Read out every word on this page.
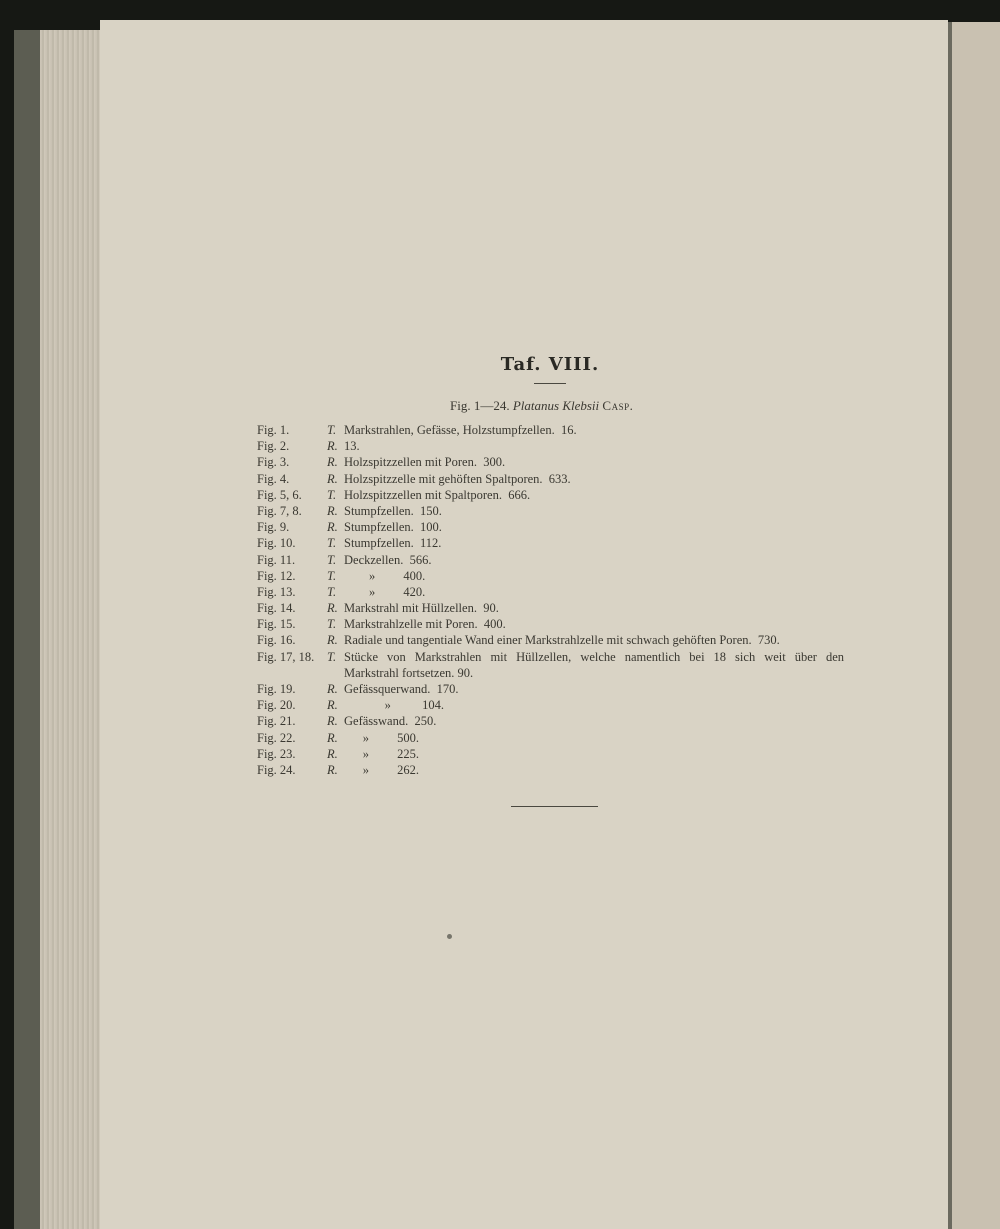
Taf. VIII.
Fig. 1—24. Platanus Klebsii Casp.
Fig. 1.	T. Markstrahlen, Gefässe, Holzstumpfzellen.  16.
Fig. 2.	R. 13.
Fig. 3.	R. Holzspitzzellen mit Poren.  300.
Fig. 4.	R. Holzspitzzelle mit gehöften Spaltporen.  633.
Fig. 5, 6. T. Holzspitzzellen mit Spaltporen.  666.
Fig. 7, 8. R. Stumpfzellen.  150.
Fig. 9.	R. Stumpfzellen.  100.
Fig. 10.	T. Stumpfzellen.  112.
Fig. 11.	T. Deckzellen.  566.
Fig. 12.	T. »         400.
Fig. 13.	T. »         420.
Fig. 14.	R. Markstrahl mit Hüllzellen.  90.
Fig. 15.	T. Markstrahlzelle mit Poren.  400.
Fig. 16.	R. Radiale und tangentiale Wand einer Markstrahlzelle mit schwach gehöften Poren.  730.
Fig. 17, 18. T. Stücke von Markstrahlen mit Hüllzellen, welche namentlich bei 18 sich weit über den
Markstrahl fortsetzen. 90.
Fig. 19.	R. Gefässquerwand.  170.
Fig. 20.	R. »          104.
Fig. 21.	R. Gefässwand.  250.
Fig. 22.	R. »         500.
Fig. 23.	R. »         225.
Fig. 24.	R. »         262.
